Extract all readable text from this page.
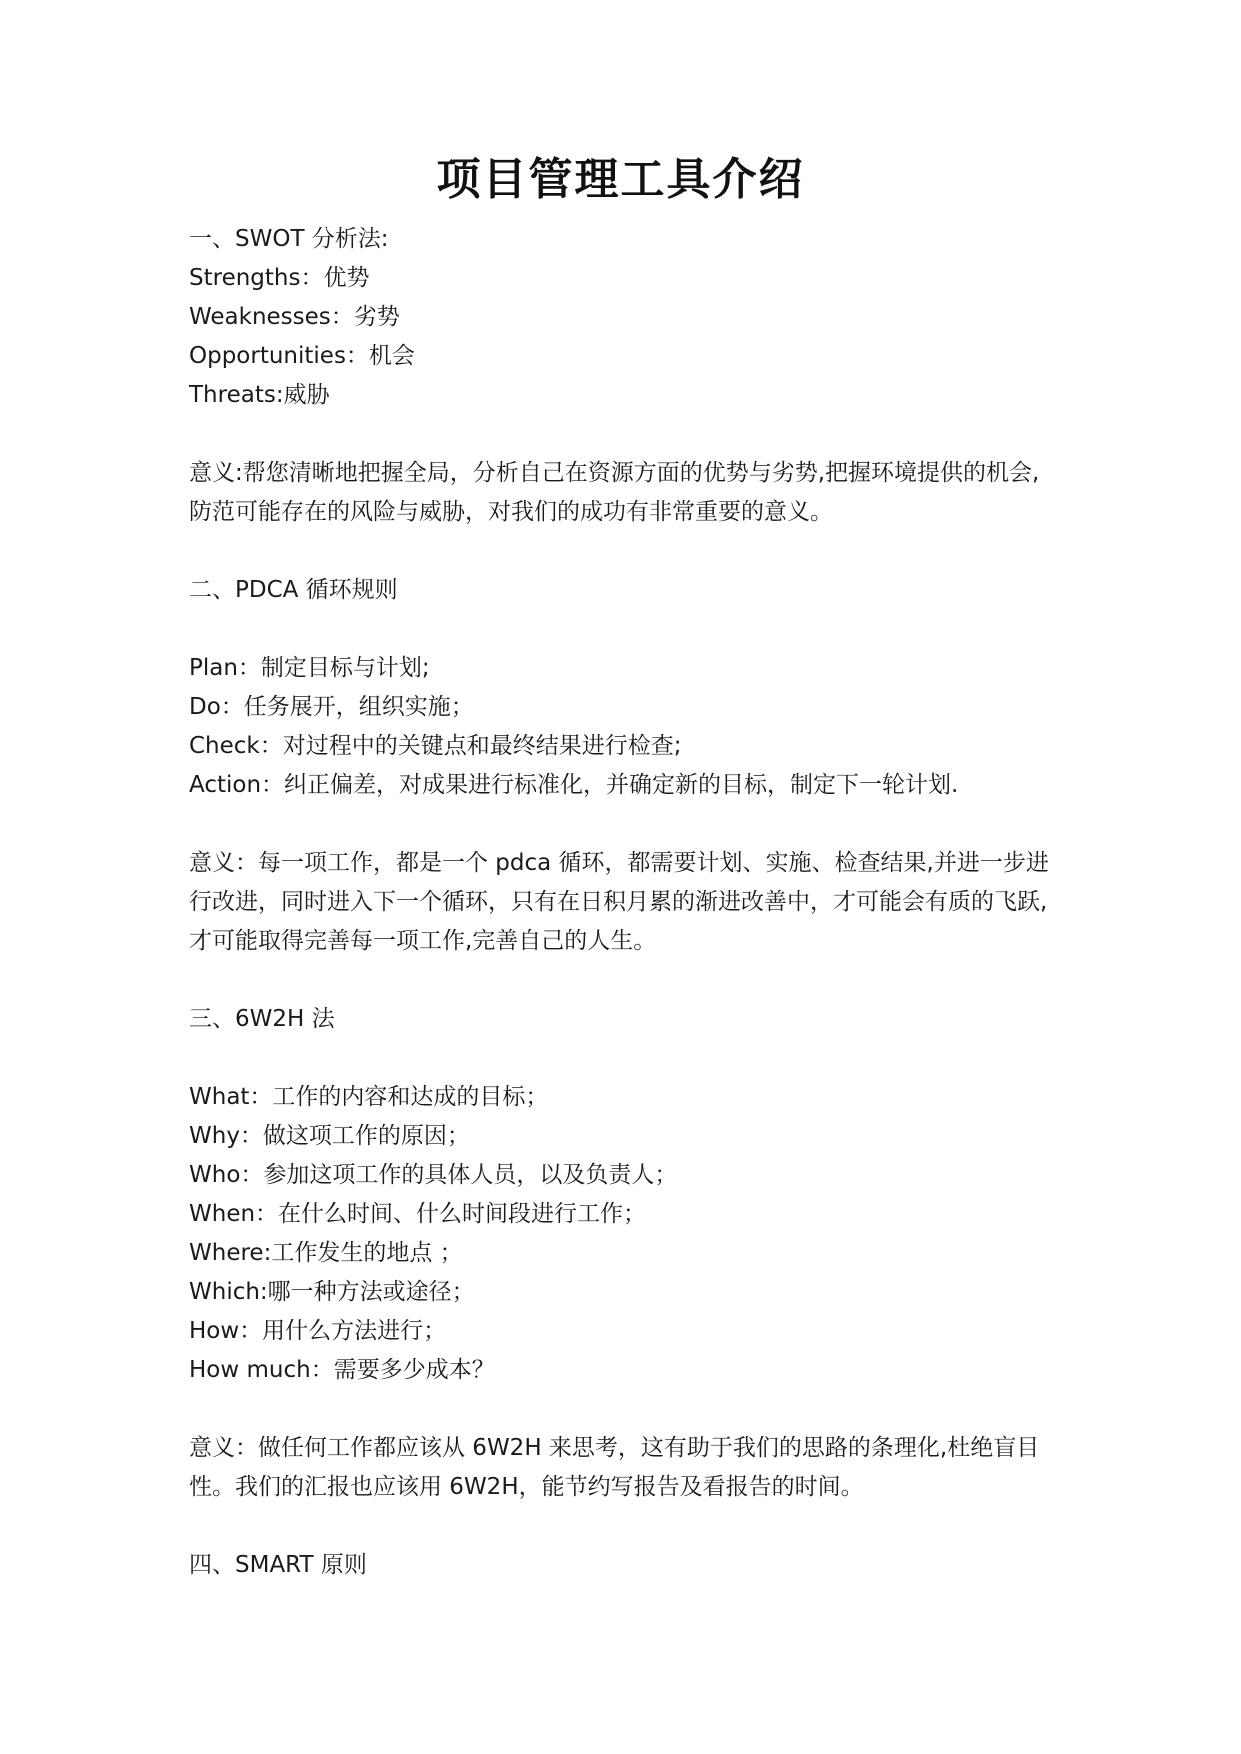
项目管理工具介绍
一、SWOT 分析法:
Strengths：优势
Weaknesses：劣势
Opportunities：机会
Threats:威胁
意义:帮您清晰地把握全局，分析自己在资源方面的优势与劣势,把握环境提供的机会,防范可能存在的风险与威胁，对我们的成功有非常重要的意义。
二、PDCA 循环规则
Plan：制定目标与计划;
Do：任务展开，组织实施；
Check：对过程中的关键点和最终结果进行检查;
Action：纠正偏差，对成果进行标准化，并确定新的目标，制定下一轮计划.
意义：每一项工作，都是一个 pdca 循环，都需要计划、实施、检查结果,并进一步进行改进，同时进入下一个循环，只有在日积月累的渐进改善中，才可能会有质的飞跃,才可能取得完善每一项工作,完善自己的人生。
三、6W2H 法
What：工作的内容和达成的目标；
Why：做这项工作的原因；
Who：参加这项工作的具体人员，以及负责人；
When：在什么时间、什么时间段进行工作；
Where:工作发生的地点 ；
Which:哪一种方法或途径；
How：用什么方法进行；
How much：需要多少成本？
意义：做任何工作都应该从 6W2H 来思考，这有助于我们的思路的条理化,杜绝盲目性。我们的汇报也应该用 6W2H，能节约写报告及看报告的时间。
四、SMART 原则
